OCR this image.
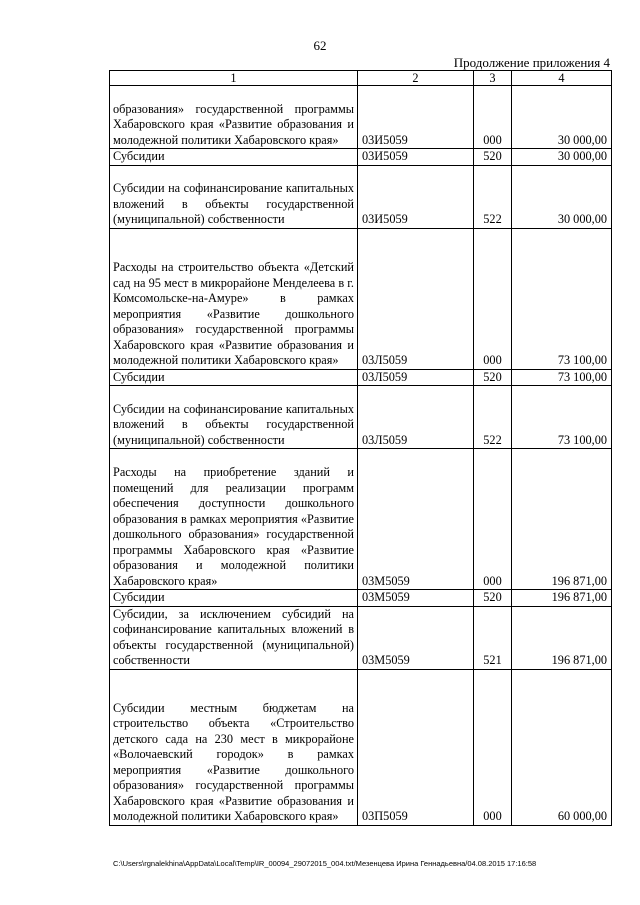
62
Продолжение приложения 4
1	2	3	4
образования» государственной программы Хабаровского края «Развитие образования и молодежной политики Хабаровского края»	03И5059	000	30 000,00
Субсидии	03И5059	520	30 000,00
Субсидии на софинансирование капитальных вложений в объекты государственной (муниципальной) собственности	03И5059	522	30 000,00
Расходы на строительство объекта «Детский сад на 95 мест в микрорайоне Менделеева в г. Комсомольске-на-Амуре» в рамках мероприятия «Развитие дошкольного образования» государственной программы Хабаровского края «Развитие образования и молодежной политики Хабаровского края»	03Л5059	000	73 100,00
Субсидии	03Л5059	520	73 100,00
Субсидии на софинансирование капитальных вложений в объекты государственной (муниципальной) собственности	03Л5059	522	73 100,00
Расходы на приобретение зданий и помещений для реализации программ обеспечения доступности дошкольного образования в рамках мероприятия «Развитие дошкольного образования» государственной программы Хабаровского края «Развитие образования и молодежной политики Хабаровского края»	03М5059	000	196 871,00
Субсидии	03М5059	520	196 871,00
Субсидии, за исключением субсидий на софинансирование капитальных вложений в объекты государственной (муниципальной) собственности	03М5059	521	196 871,00
Субсидии местным бюджетам на строительство объекта «Строительство детского сада на 230 мест в микрорайоне «Волочаевский городок» в рамках мероприятия «Развитие дошкольного образования» государственной программы Хабаровского края «Развитие образования и молодежной политики Хабаровского края»	03П5059	000	60 000,00
C:\Users\rgnalekhina\AppData\Local\Temp\IR_00094_29072015_004.txt/Мезенцева Ирина Геннадьевна/04.08.2015 17:16:58
